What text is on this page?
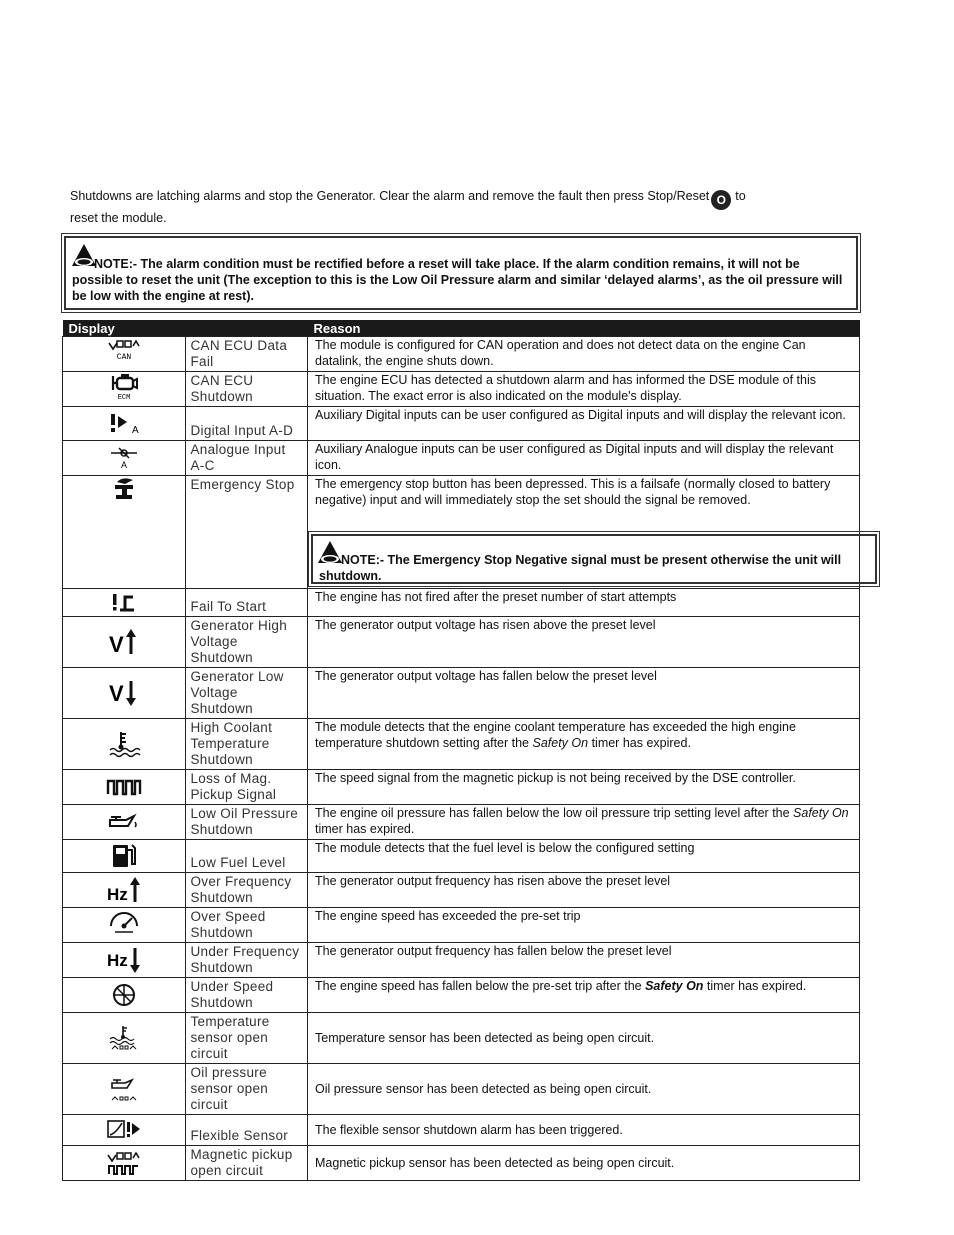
Shutdowns are latching alarms and stop the Generator. Clear the alarm and remove the fault then press Stop/Reset O to
reset the module.
NOTE:- The alarm condition must be rectified before a reset will take place. If the alarm condition remains, it will not be possible to reset the unit (The exception to this is the Low Oil Pressure alarm and similar ‘delayed alarms’, as the oil pressure will be low with the engine at rest).
Display		Reason

CAN	CAN ECU Data Fail	The module is configured for CAN operation and does not detect data on the engine Can datalink, the engine shuts down.

ECM	CAN ECU Shutdown	The engine ECU has detected a shutdown alarm and has informed the DSE module of this situation. The exact error is also indicated on the module's display.

A	Digital Input A-D	Auxiliary Digital inputs can be user configured as Digital inputs and will display the relevant icon.

A	Analogue Input A-C	Auxiliary Analogue inputs can be user configured as Digital inputs and will display the relevant icon.

	Emergency Stop	The emergency stop button has been depressed. This is a failsafe (normally closed to battery negative) input and will immediately stop the set should the signal be removed.
NOTE:- The Emergency Stop Negative signal must be present otherwise the unit will shutdown.

	Fail To Start	The engine has not fired after the preset number of start attempts

V	Generator High Voltage Shutdown	The generator output voltage has risen above the preset level

V	Generator Low Voltage Shutdown	The generator output voltage has fallen below the preset level

	High Coolant Temperature Shutdown	The module detects that the engine coolant temperature has exceeded the high engine temperature shutdown setting after the Safety On timer has expired.

	Loss of Mag. Pickup Signal	The speed signal from the magnetic pickup is not being received by the DSE controller.

	Low Oil Pressure Shutdown	The engine oil pressure has fallen below the low oil pressure trip setting level after the Safety On timer has expired.

	Low Fuel Level	The module detects that the fuel level is below the configured setting

Hz	Over Frequency Shutdown	The generator output frequency has risen above the preset level

	Over Speed Shutdown	The engine speed has exceeded the pre-set trip

Hz	Under Frequency Shutdown	The generator output frequency has fallen below the preset level

	Under Speed Shutdown	The engine speed has fallen below the pre-set trip after the Safety On timer has expired.

	Temperature sensor open circuit	Temperature sensor has been detected as being open circuit.

	Oil pressure sensor open circuit	Oil pressure sensor has been detected as being open circuit.

	Flexible Sensor	The flexible sensor shutdown alarm has been triggered.

	Magnetic pickup open circuit	Magnetic pickup sensor has been detected as being open circuit.
